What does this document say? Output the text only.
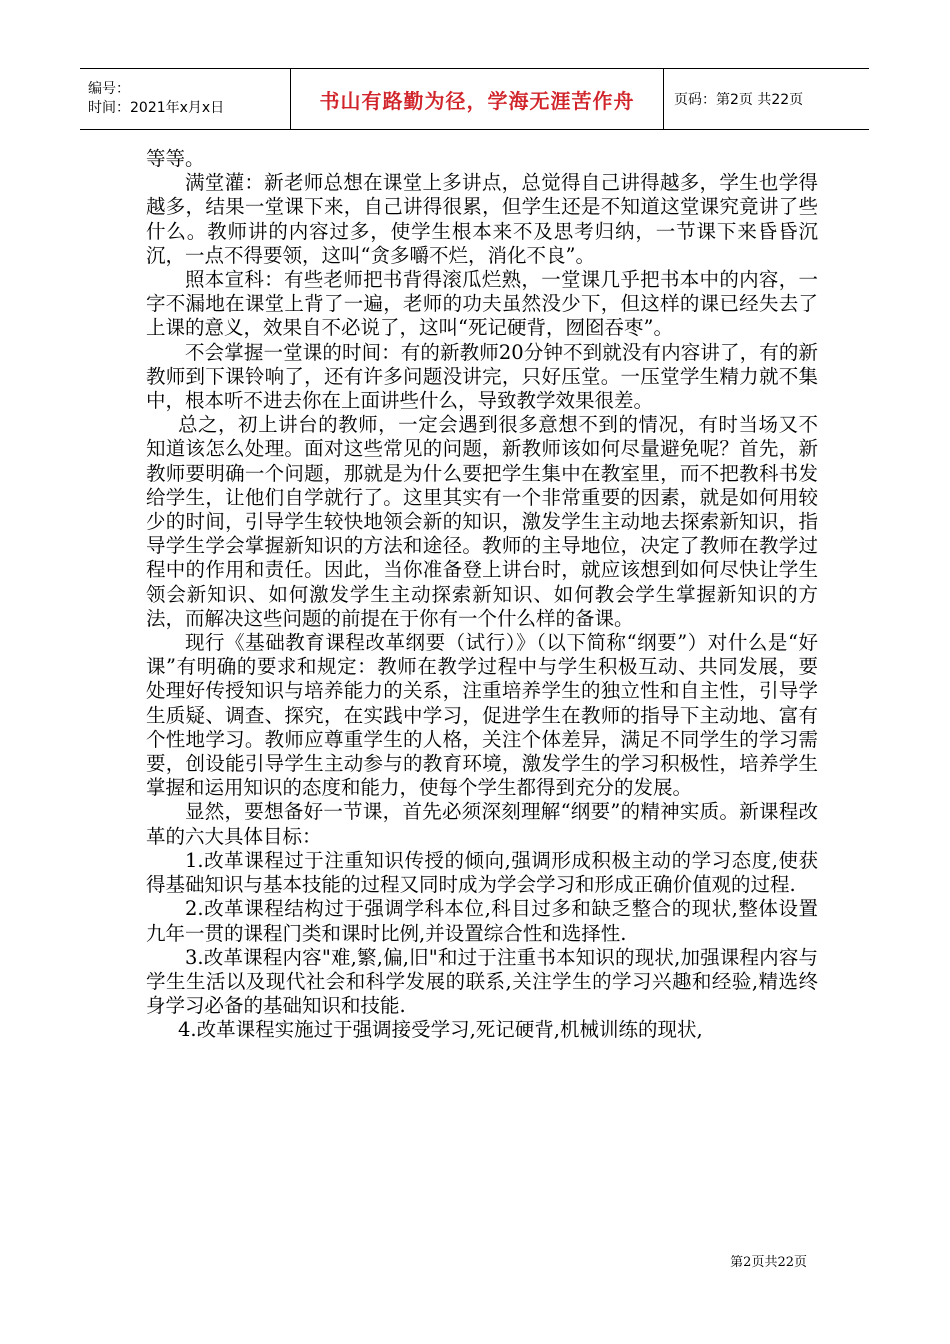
编号：
时间：2021年x月x日	书山有路勤为径，学海无涯苦作舟	页码：第2页 共22页

等等。

满堂灌：新老师总想在课堂上多讲点，总觉得自己讲得越多，学生也学得越多，结果一堂课下来，自己讲得很累，但学生还是不知道这堂课究竟讲了些什么。教师讲的内容过多，使学生根本来不及思考归纳，一节课下来昏昏沉沉，一点不得要领，这叫“贪多嚼不烂，消化不良”。

照本宣科：有些老师把书背得滚瓜烂熟，一堂课几乎把书本中的内容，一字不漏地在课堂上背了一遍，老师的功夫虽然没少下，但这样的课已经失去了上课的意义，效果自不必说了，这叫“死记硬背，囫囵吞枣”。

不会掌握一堂课的时间：有的新教师20分钟不到就没有内容讲了，有的新教师到下课铃响了，还有许多问题没讲完，只好压堂。一压堂学生精力就不集中，根本听不进去你在上面讲些什么，导致教学效果很差。

总之，初上讲台的教师，一定会遇到很多意想不到的情况，有时当场又不知道该怎么处理。面对这些常见的问题，新教师该如何尽量避免呢？首先，新教师要明确一个问题，那就是为什么要把学生集中在教室里，而不把教科书发给学生，让他们自学就行了。这里其实有一个非常重要的因素，就是如何用较少的时间，引导学生较快地领会新的知识，激发学生主动地去探索新知识，指导学生学会掌握新知识的方法和途径。教师的主导地位，决定了教师在教学过程中的作用和责任。因此，当你准备登上讲台时，就应该想到如何尽快让学生领会新知识、如何激发学生主动探索新知识、如何教会学生掌握新知识的方法，而解决这些问题的前提在于你有一个什么样的备课。

现行《基础教育课程改革纲要（试行）》（以下简称“纲要”）对什么是“好课”有明确的要求和规定：教师在教学过程中与学生积极互动、共同发展，要处理好传授知识与培养能力的关系，注重培养学生的独立性和自主性，引导学生质疑、调查、探究，在实践中学习，促进学生在教师的指导下主动地、富有个性地学习。教师应尊重学生的人格，关注个体差异，满足不同学生的学习需要，创设能引导学生主动参与的教育环境，激发学生的学习积极性，培养学生掌握和运用知识的态度和能力，使每个学生都得到充分的发展。

显然，要想备好一节课，首先必须深刻理解“纲要”的精神实质。新课程改革的六大具体目标：

1.改革课程过于注重知识传授的倾向,强调形成积极主动的学习态度,使获得基础知识与基本技能的过程又同时成为学会学习和形成正确价值观的过程.

2.改革课程结构过于强调学科本位,科目过多和缺乏整合的现状,整体设置九年一贯的课程门类和课时比例,并设置综合性和选择性.

3.改革课程内容"难,繁,偏,旧"和过于注重书本知识的现状,加强课程内容与学生生活以及现代社会和科学发展的联系,关注学生的学习兴趣和经验,精选终身学习必备的基础知识和技能.

4.改革课程实施过于强调接受学习,死记硬背,机械训练的现状,

第2页共22页
